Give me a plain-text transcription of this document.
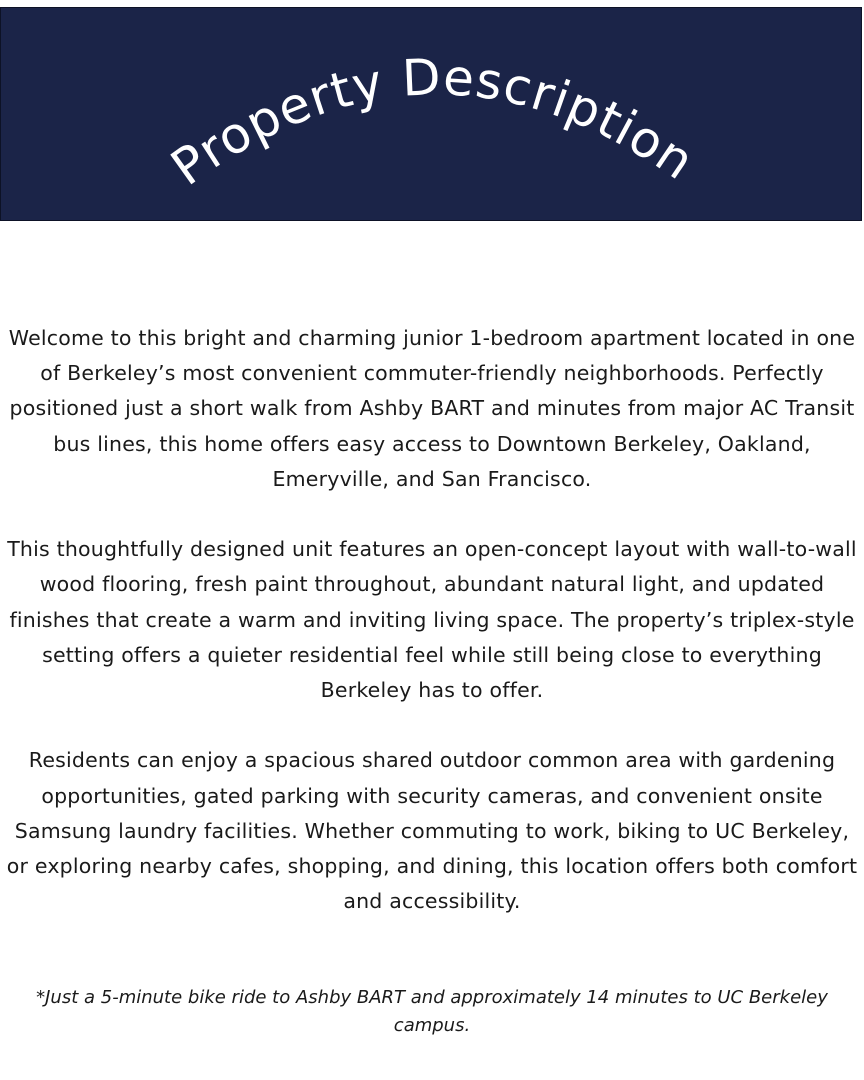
Property Description

Welcome to this bright and charming junior 1-bedroom apartment located in one of Berkeley’s most convenient commuter-friendly neighborhoods. Perfectly positioned just a short walk from Ashby BART and minutes from major AC Transit bus lines, this home offers easy access to Downtown Berkeley, Oakland, Emeryville, and San Francisco.

This thoughtfully designed unit features an open-concept layout with wall-to-wall wood flooring, fresh paint throughout, abundant natural light, and updated finishes that create a warm and inviting living space. The property’s triplex-style setting offers a quieter residential feel while still being close to everything Berkeley has to offer.

Residents can enjoy a spacious shared outdoor common area with gardening opportunities, gated parking with security cameras, and convenient onsite Samsung laundry facilities. Whether commuting to work, biking to UC Berkeley, or exploring nearby cafes, shopping, and dining, this location offers both comfort and accessibility.

*Just a 5-minute bike ride to Ashby BART and approximately 14 minutes to UC Berkeley campus.
